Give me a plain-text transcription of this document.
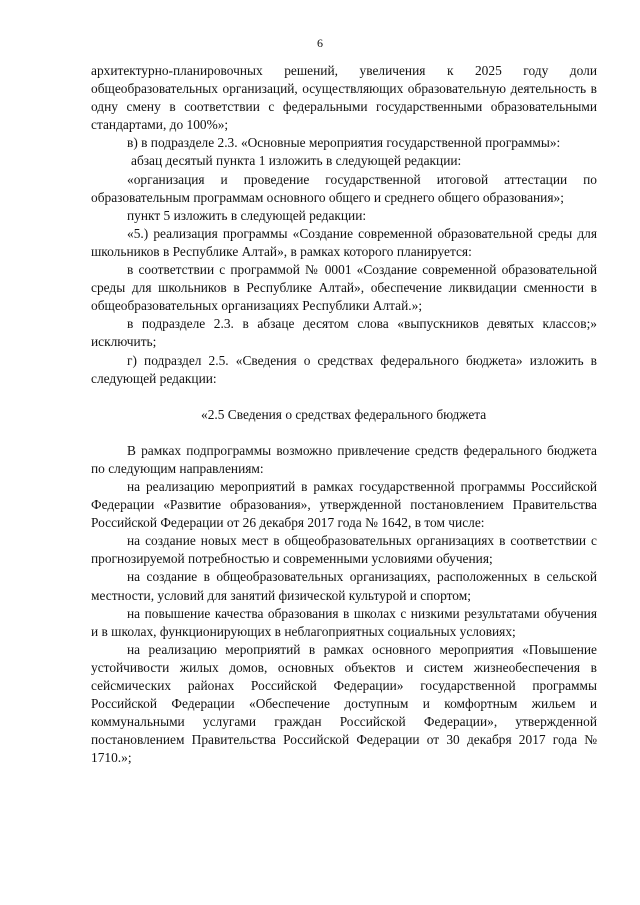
6

архитектурно-планировочных решений, увеличения к 2025 году доли общеобразовательных организаций, осуществляющих образовательную деятельность в одну смену в соответствии с федеральными государственными образовательными стандартами, до 100%»;

в) в подразделе 2.3. «Основные мероприятия государственной программы»:

абзац десятый пункта 1 изложить в следующей редакции:

«организация и проведение государственной итоговой аттестации по образовательным программам основного общего и среднего общего образования»;

пункт 5 изложить в следующей редакции:

«5.) реализация программы «Создание современной образовательной среды для школьников в Республике Алтай», в рамках которого планируется:

в соответствии с программой № 0001 «Создание современной образовательной среды для школьников в Республике Алтай», обеспечение ликвидации сменности в общеобразовательных организациях Республики Алтай.»;

в подразделе 2.3. в абзаце десятом слова «выпускников девятых классов;» исключить;

г) подраздел 2.5. «Сведения о средствах федерального бюджета» изложить в следующей редакции:

«2.5 Сведения о средствах федерального бюджета

В рамках подпрограммы возможно привлечение средств федерального бюджета по следующим направлениям:

на реализацию мероприятий в рамках государственной программы Российской Федерации «Развитие образования», утвержденной постановлением Правительства Российской Федерации от 26 декабря 2017 года № 1642, в том числе:

на создание новых мест в общеобразовательных организациях в соответствии с прогнозируемой потребностью и современными условиями обучения;

на создание в общеобразовательных организациях, расположенных в сельской местности, условий для занятий физической культурой и спортом;

на повышение качества образования в школах с низкими результатами обучения и в школах, функционирующих в неблагоприятных социальных условиях;

на реализацию мероприятий в рамках основного мероприятия «Повышение устойчивости жилых домов, основных объектов и систем жизнеобеспечения в сейсмических районах Российской Федерации» государственной программы Российской Федерации «Обеспечение доступным и комфортным жильем и коммунальными услугами граждан Российской Федерации», утвержденной постановлением Правительства Российской Федерации от 30 декабря 2017 года № 1710.»;
